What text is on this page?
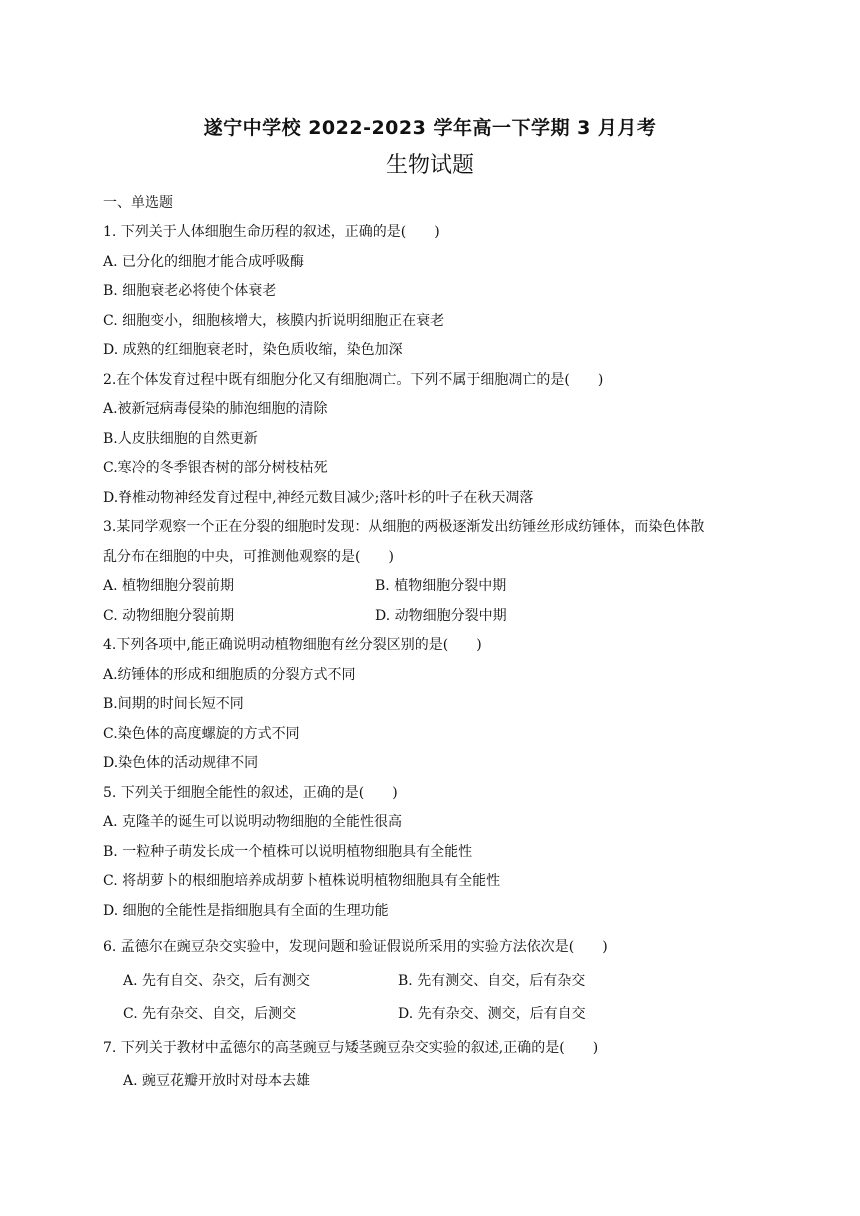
遂宁中学校 2022-2023 学年高一下学期 3 月月考
生物试题
一、单选题
1. 下列关于人体细胞生命历程的叙述，正确的是(　　)
A. 已分化的细胞才能合成呼吸酶
B. 细胞衰老必将使个体衰老
C. 细胞变小，细胞核增大，核膜内折说明细胞正在衰老
D. 成熟的红细胞衰老时，染色质收缩，染色加深
2.在个体发育过程中既有细胞分化又有细胞凋亡。下列不属于细胞凋亡的是(　　)
A.被新冠病毒侵染的肺泡细胞的清除
B.人皮肤细胞的自然更新
C.寒冷的冬季银杏树的部分树枝枯死
D.脊椎动物神经发育过程中,神经元数目减少;落叶杉的叶子在秋天凋落
3.某同学观察一个正在分裂的细胞时发现：从细胞的两极逐渐发出纺锤丝形成纺锤体，而染色体散
乱分布在细胞的中央，可推测他观察的是(　　)
A. 植物细胞分裂前期	B. 植物细胞分裂中期
C. 动物细胞分裂前期	D. 动物细胞分裂中期
4.下列各项中,能正确说明动植物细胞有丝分裂区别的是(　　)
A.纺锤体的形成和细胞质的分裂方式不同
B.间期的时间长短不同
C.染色体的高度螺旋的方式不同
D.染色体的活动规律不同
5. 下列关于细胞全能性的叙述，正确的是(　　)
A. 克隆羊的诞生可以说明动物细胞的全能性很高
B. 一粒种子萌发长成一个植株可以说明植物细胞具有全能性
C. 将胡萝卜的根细胞培养成胡萝卜植株说明植物细胞具有全能性
D. 细胞的全能性是指细胞具有全面的生理功能
6. 孟德尔在豌豆杂交实验中，发现问题和验证假说所采用的实验方法依次是(　　)
A. 先有自交、杂交，后有测交	B. 先有测交、自交，后有杂交
C. 先有杂交、自交，后测交	D. 先有杂交、测交，后有自交
7. 下列关于教材中孟德尔的高茎豌豆与矮茎豌豆杂交实验的叙述,正确的是(　　)
A. 豌豆花瓣开放时对母本去雄
